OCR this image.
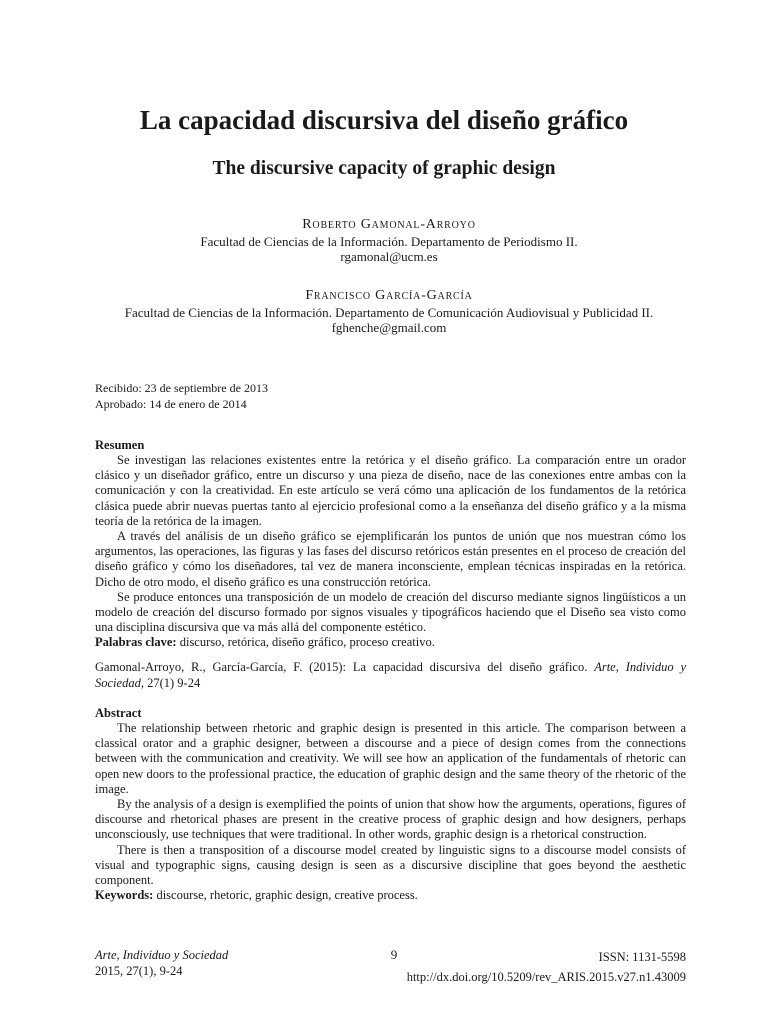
La capacidad discursiva del diseño gráfico
The discursive capacity of graphic design
Roberto Gamonal-Arroyo
Facultad de Ciencias de la Información. Departamento de Periodismo II.
rgamonal@ucm.es
Francisco García-García
Facultad de Ciencias de la Información. Departamento de Comunicación Audiovisual y Publicidad II.
fghenche@gmail.com
Recibido: 23 de septiembre de 2013
Aprobado: 14 de enero de 2014
Resumen

Se investigan las relaciones existentes entre la retórica y el diseño gráfico. La comparación entre un orador clásico y un diseñador gráfico, entre un discurso y una pieza de diseño, nace de las conexiones entre ambas con la comunicación y con la creatividad. En este artículo se verá cómo una aplicación de los fundamentos de la retórica clásica puede abrir nuevas puertas tanto al ejercicio profesional como a la enseñanza del diseño gráfico y a la misma teoría de la retórica de la imagen.

A través del análisis de un diseño gráfico se ejemplificarán los puntos de unión que nos muestran cómo los argumentos, las operaciones, las figuras y las fases del discurso retóricos están presentes en el proceso de creación del diseño gráfico y cómo los diseñadores, tal vez de manera inconsciente, emplean técnicas inspiradas en la retórica. Dicho de otro modo, el diseño gráfico es una construcción retórica.

Se produce entonces una transposición de un modelo de creación del discurso mediante signos lingüísticos a un modelo de creación del discurso formado por signos visuales y tipográficos haciendo que el Diseño sea visto como una disciplina discursiva que va más allá del componente estético.

Palabras clave: discurso, retórica, diseño gráfico, proceso creativo.

Gamonal-Arroyo, R., García-García, F. (2015): La capacidad discursiva del diseño gráfico. Arte, Individuo y Sociedad, 27(1) 9-24

Abstract

The relationship between rhetoric and graphic design is presented in this article. The comparison between a classical orator and a graphic designer, between a discourse and a piece of design comes from the connections between with the communication and creativity. We will see how an application of the fundamentals of rhetoric can open new doors to the professional practice, the education of graphic design and the same theory of the rhetoric of the image.

By the analysis of a design is exemplified the points of union that show how the arguments, operations, figures of discourse and rhetorical phases are present in the creative process of graphic design and how designers, perhaps unconsciously, use techniques that were traditional. In other words, graphic design is a rhetorical construction.

There is then a transposition of a discourse model created by linguistic signs to a discourse model consists of visual and typographic signs, causing design is seen as a discursive discipline that goes beyond the aesthetic component.

Keywords: discourse, rhetoric, graphic design, creative process.

Arte, Individuo y Sociedad
2015, 27(1), 9-24
9	ISSN: 1131-5598
http://dx.doi.org/10.5209/rev_ARIS.2015.v27.n1.43009
